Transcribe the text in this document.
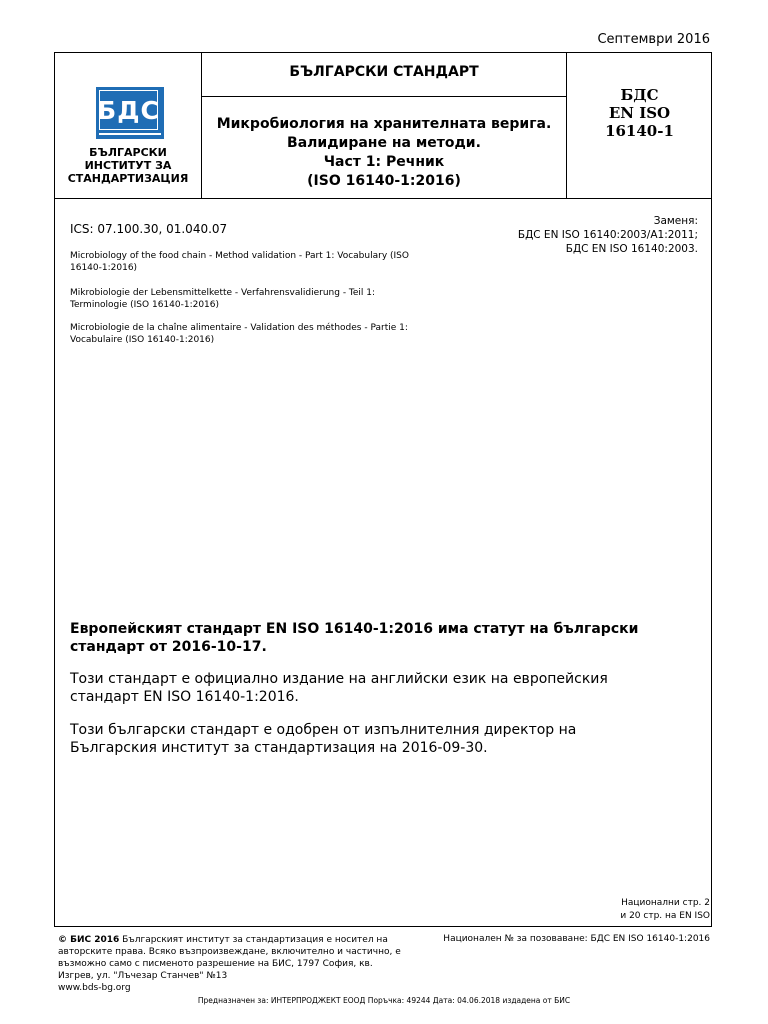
Септември 2016
БДС
БЪЛГАРСКИ ИНСТИТУТ ЗА СТАНДАРТИЗАЦИЯ
БЪЛГАРСКИ СТАНДАРТ
Микробиология на хранителната верига.
Валидиране на методи.
Част 1: Речник
(ISO 16140-1:2016)
БДС
EN ISO
16140-1
ICS: 07.100.30, 01.040.07
Заменя:
БДС EN ISO 16140:2003/A1:2011;
БДС EN ISO 16140:2003.
Microbiology of the food chain - Method validation - Part 1: Vocabulary (ISO 16140-1:2016)
Mikrobiologie der Lebensmittelkette - Verfahrensvalidierung - Teil 1: Terminologie (ISO 16140-1:2016)
Microbiologie de la chaîne alimentaire - Validation des méthodes - Partie 1: Vocabulaire (ISO 16140-1:2016)
Европейският стандарт EN ISO 16140-1:2016 има статут на български стандарт от 2016-10-17.
Този стандарт е официално издание на английски език на европейския стандарт EN ISO 16140-1:2016.
Този български стандарт е одобрен от изпълнителния директор на Българския институт за стандартизация на 2016-09-30.
Национални стр. 2
и 20 стр. на EN ISO
© БИС 2016 Българският институт за стандартизация е носител на авторските права. Всяко възпроизвеждане, включително и частично, е възможно само с писменото разрешение на БИС, 1797 София, кв. Изгрев, ул. "Лъчезар Станчев" №13
www.bds-bg.org
Национален № за позоваване: БДС EN ISO 16140-1:2016
Предназначен за: ИНТЕРПРОДЖЕКТ ЕООД Поръчка: 49244 Дата: 04.06.2018 издадена от БИС
